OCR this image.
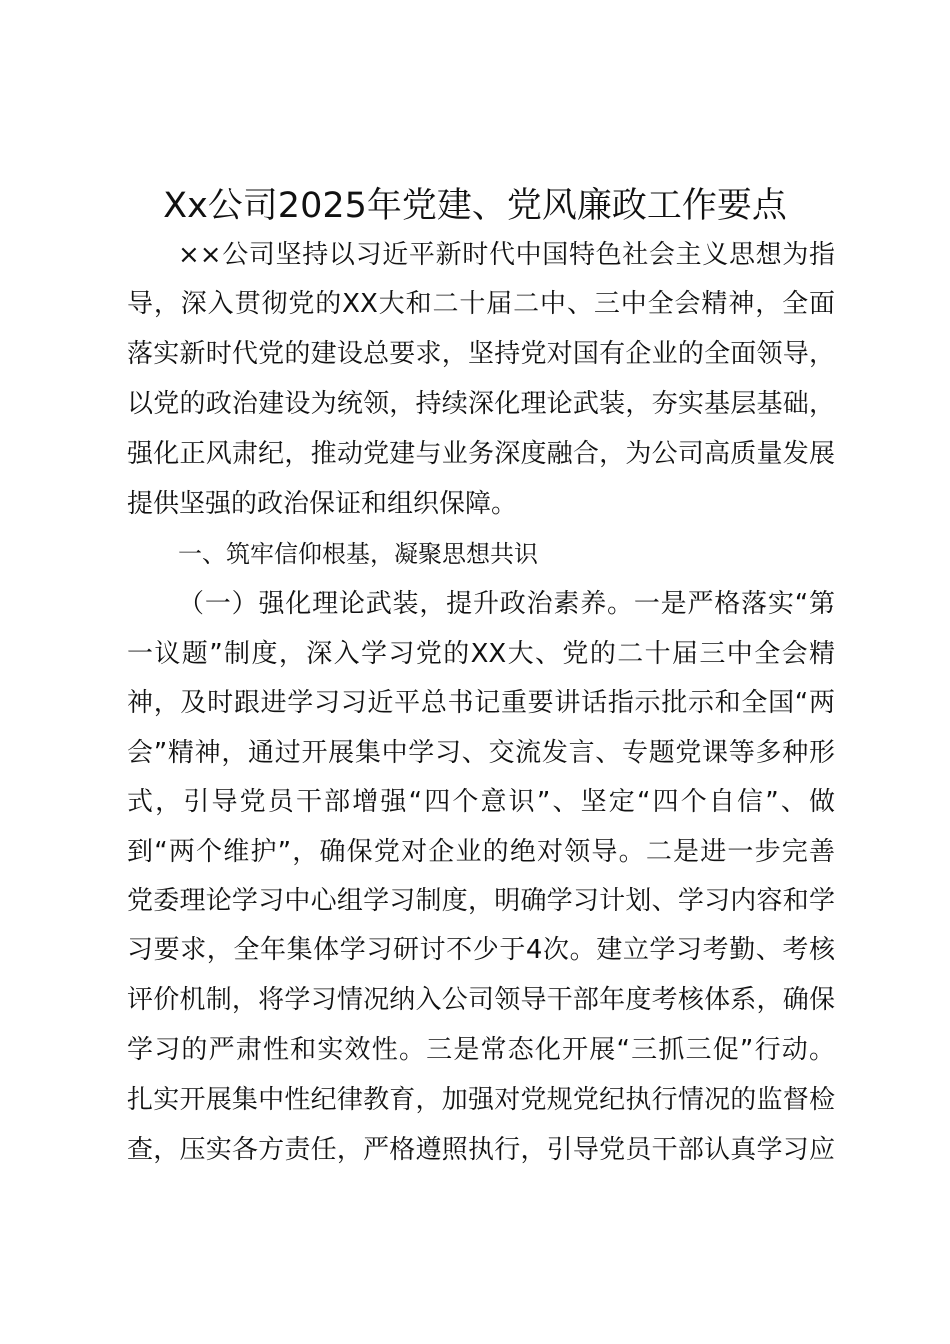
Xx公司2025年党建、党风廉政工作要点
××公司坚持以习近平新时代中国特色社会主义思想为指
导，深入贯彻党的XX大和二十届二中、三中全会精神，全面
落实新时代党的建设总要求，坚持党对国有企业的全面领导，
以党的政治建设为统领，持续深化理论武装，夯实基层基础，
强化正风肃纪，推动党建与业务深度融合，为公司高质量发展
提供坚强的政治保证和组织保障。
一、筑牢信仰根基，凝聚思想共识
（一）强化理论武装，提升政治素养。一是严格落实“第
一议题”制度，深入学习党的XX大、党的二十届三中全会精
神，及时跟进学习习近平总书记重要讲话指示批示和全国“两
会”精神，通过开展集中学习、交流发言、专题党课等多种形
式，引导党员干部增强“四个意识”、坚定“四个自信”、做
到“两个维护”，确保党对企业的绝对领导。二是进一步完善
党委理论学习中心组学习制度，明确学习计划、学习内容和学
习要求，全年集体学习研讨不少于4次。建立学习考勤、考核
评价机制，将学习情况纳入公司领导干部年度考核体系，确保
学习的严肃性和实效性。三是常态化开展“三抓三促”行动。
扎实开展集中性纪律教育，加强对党规党纪执行情况的监督检
查，压实各方责任，严格遵照执行，引导党员干部认真学习应
